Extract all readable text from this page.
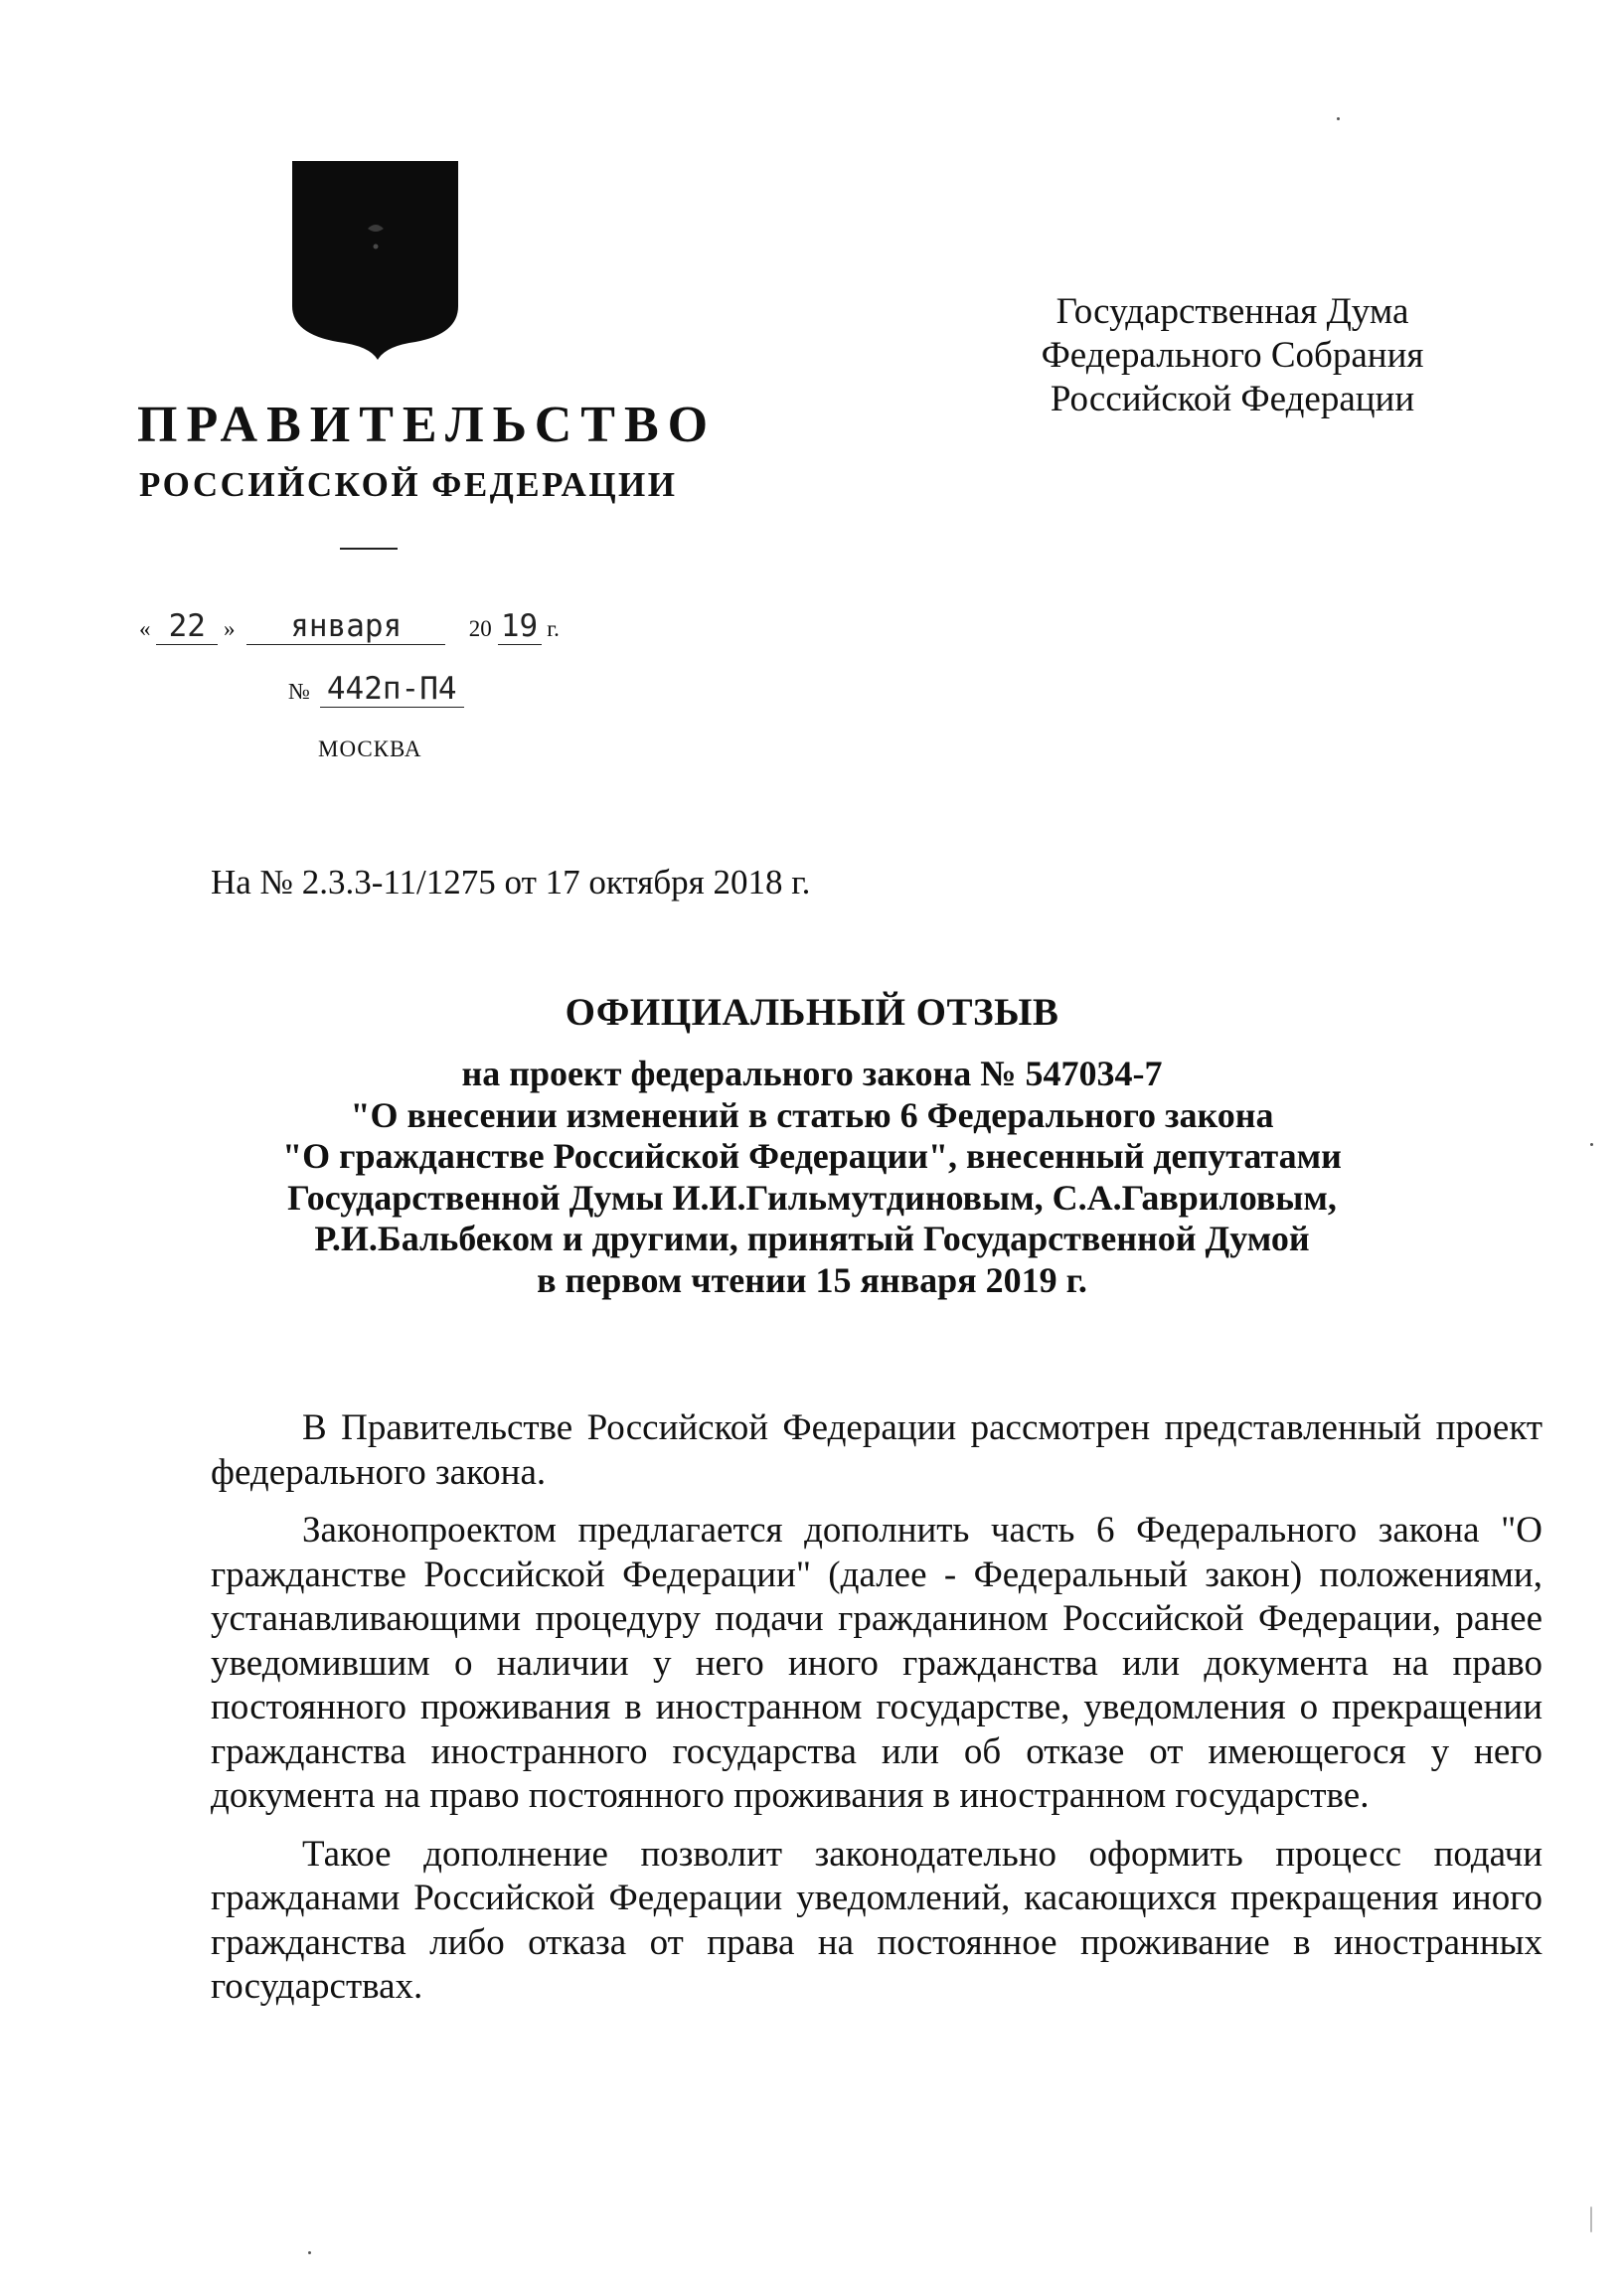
ПРАВИТЕЛЬСТВО
РОССИЙСКОЙ ФЕДЕРАЦИИ
Государственная Дума
Федерального Собрания
Российской Федерации
« 22 » января	20 19 г.
№ 442п-П4
МОСКВА
На № 2.3.3-11/1275 от 17 октября 2018 г.
ОФИЦИАЛЬНЫЙ ОТЗЫВ
на проект федерального закона № 547034-7
"О внесении изменений в статью 6 Федерального закона
"О гражданстве Российской Федерации", внесенный депутатами
Государственной Думы И.И.Гильмутдиновым, С.А.Гавриловым,
Р.И.Бальбеком и другими, принятый Государственной Думой
в первом чтении 15 января 2019 г.

В Правительстве Российской Федерации рассмотрен представленный проект федерального закона.

Законопроектом предлагается дополнить часть 6 Федерального закона "О гражданстве Российской Федерации" (далее - Федеральный закон) положениями, устанавливающими процедуру подачи гражданином Российской Федерации, ранее уведомившим о наличии у него иного гражданства или документа на право постоянного проживания в иностранном государстве, уведомления о прекращении гражданства иностранного государства или об отказе от имеющегося у него документа на право постоянного проживания в иностранном государстве.

Такое дополнение позволит законодательно оформить процесс подачи гражданами Российской Федерации уведомлений, касающихся прекращения иного гражданства либо отказа от права на постоянное проживание в иностранных государствах.
